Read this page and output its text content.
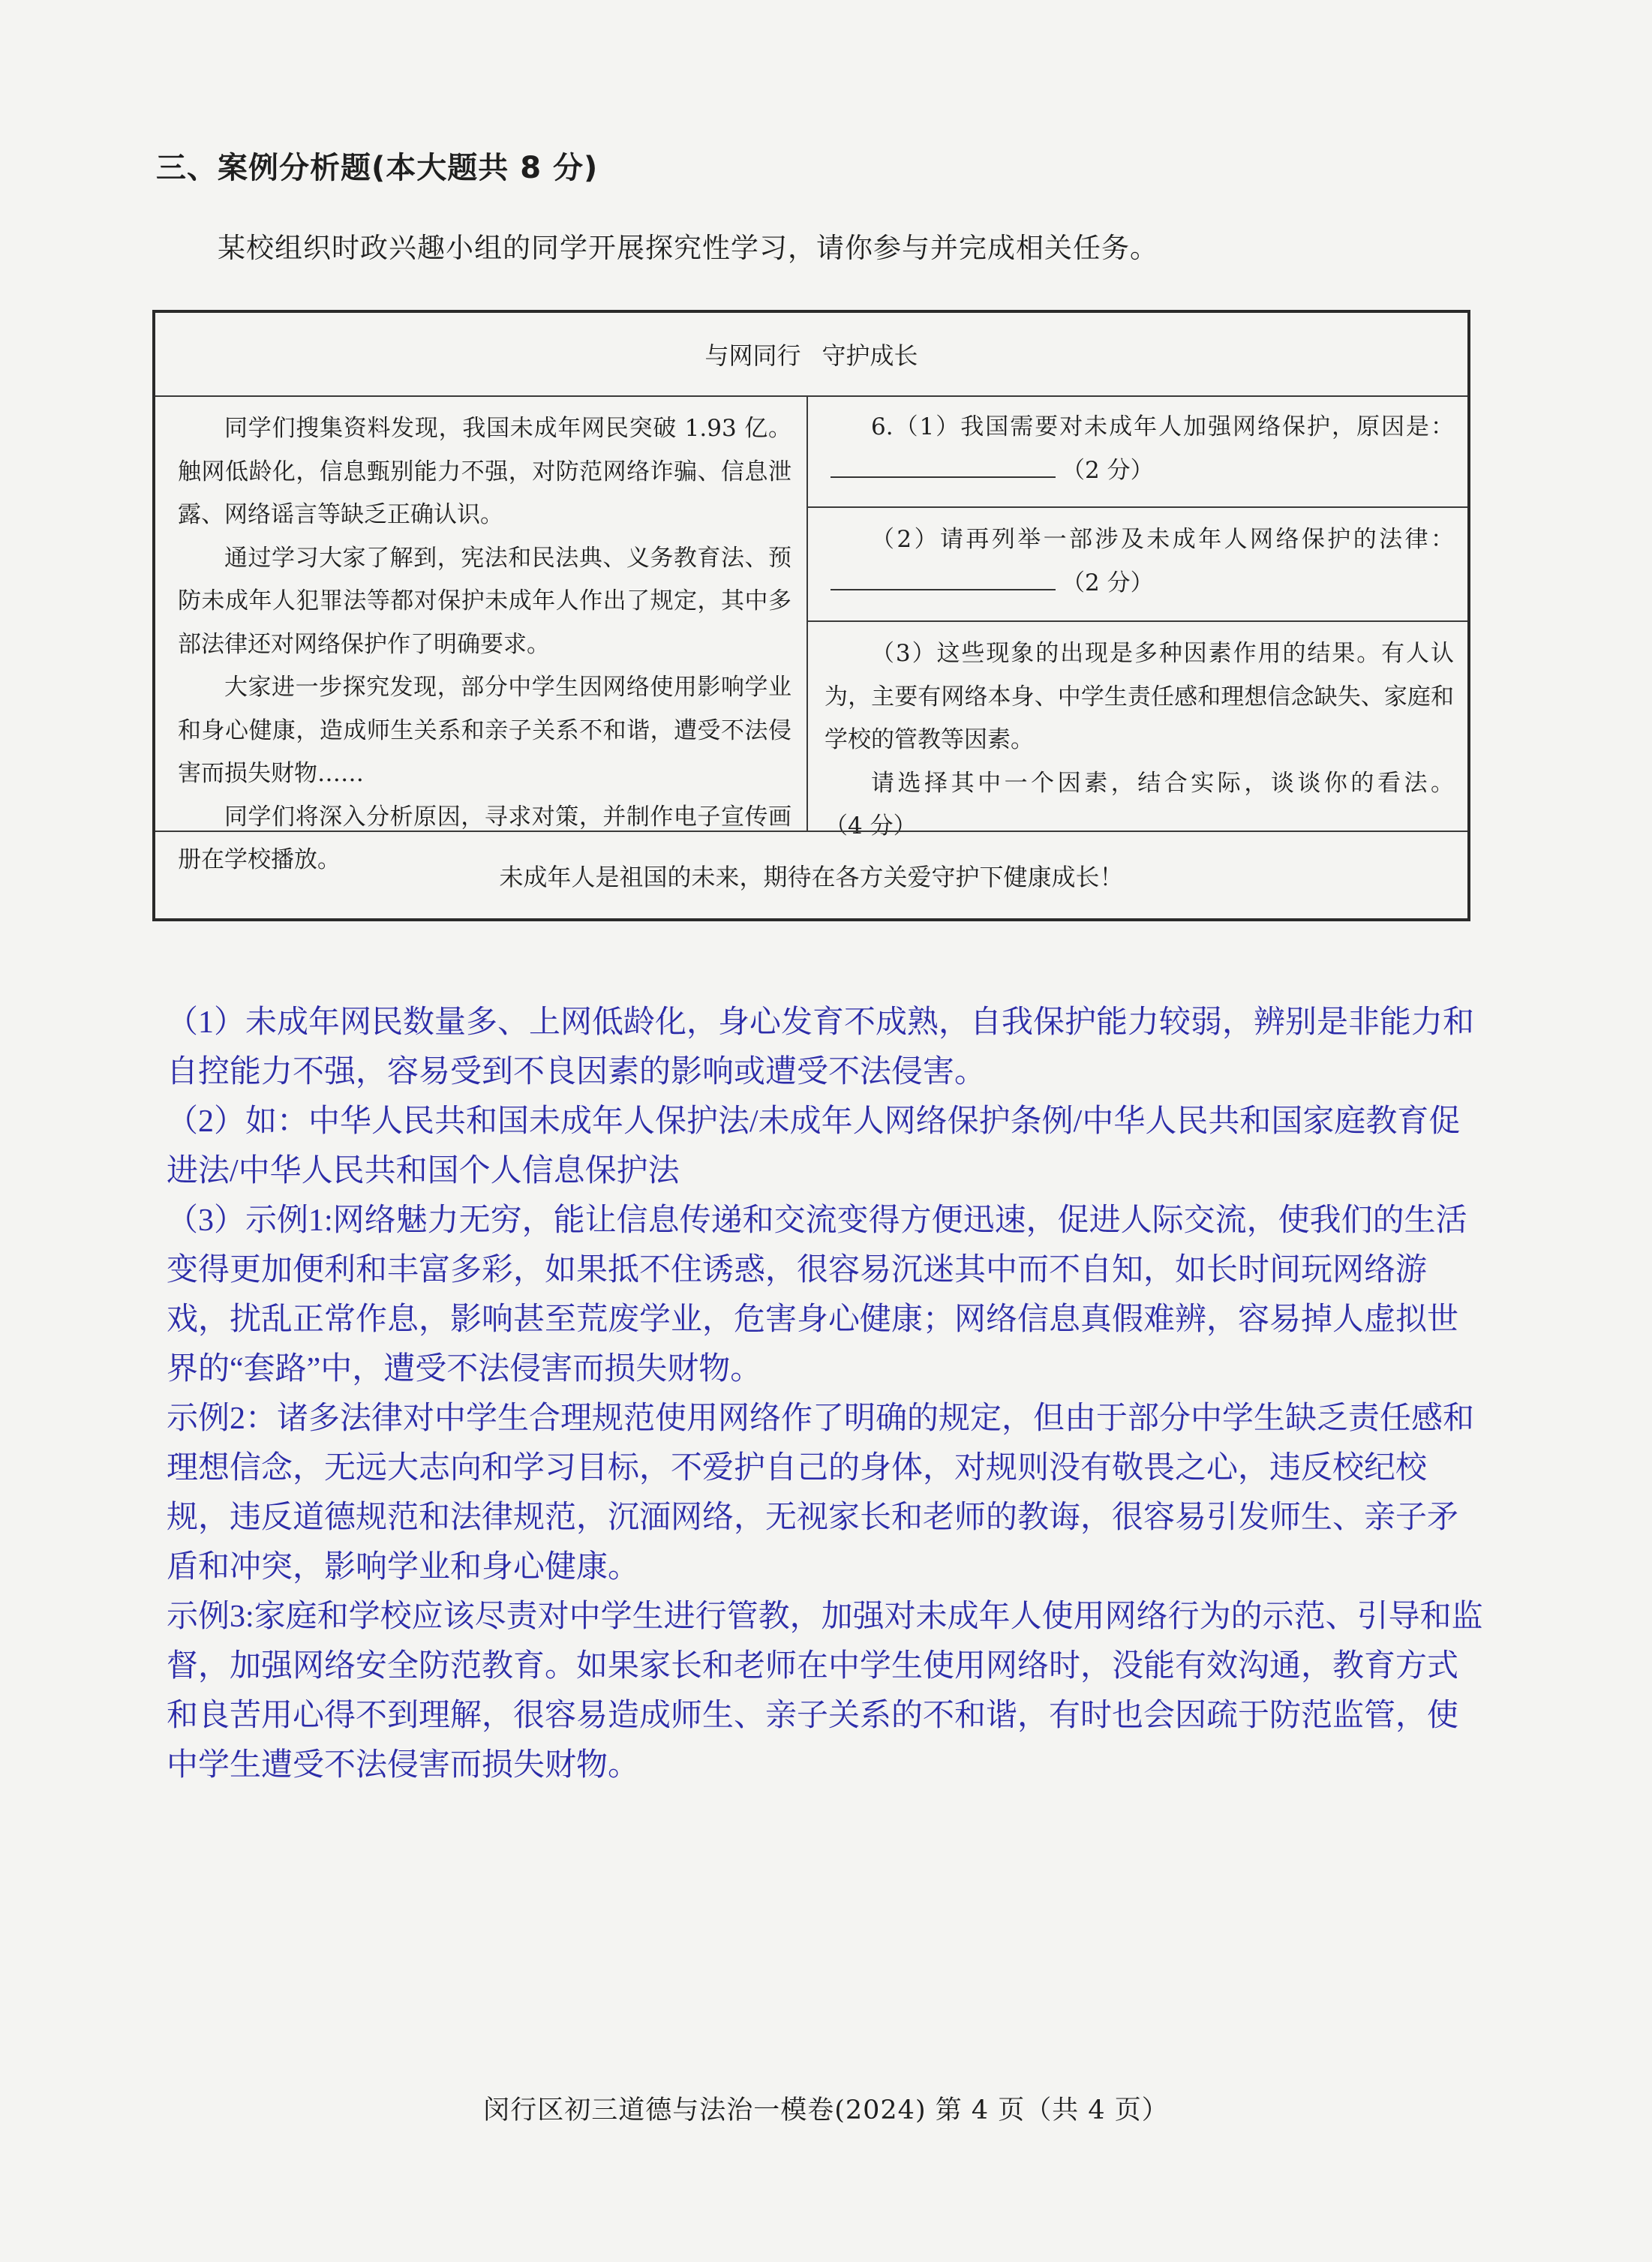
三、案例分析题(本大题共 8 分)
某校组织时政兴趣小组的同学开展探究性学习，请你参与并完成相关任务。
与网同行 守护成长

同学们搜集资料发现，我国未成年网民突破 1.93 亿。触网低龄化，信息甄别能力不强，对防范网络诈骗、信息泄露、网络谣言等缺乏正确认识。

通过学习大家了解到，宪法和民法典、义务教育法、预防未成年人犯罪法等都对保护未成年人作出了规定，其中多部法律还对网络保护作了明确要求。

大家进一步探究发现，部分中学生因网络使用影响学业和身心健康，造成师生关系和亲子关系不和谐，遭受不法侵害而损失财物……

同学们将深入分析原因，寻求对策，并制作电子宣传画册在学校播放。

6.（1）我国需要对未成年人加强网络保护，原因是：（2 分）

（2）请再列举一部涉及未成年人网络保护的法律：（2 分）

（3）这些现象的出现是多种因素作用的结果。有人认为，主要有网络本身、中学生责任感和理想信念缺失、家庭和学校的管教等因素。

请选择其中一个因素，结合实际，谈谈你的看法。（4 分）

未成年人是祖国的未来，期待在各方关爱守护下健康成长！

（1）未成年网民数量多、上网低龄化，身心发育不成熟，自我保护能力较弱，辨别是非能力和自控能力不强，容易受到不良因素的影响或遭受不法侵害。

（2）如：中华人民共和国未成年人保护法/未成年人网络保护条例/中华人民共和国家庭教育促进法/中华人民共和国个人信息保护法

（3）示例1:网络魅力无穷，能让信息传递和交流变得方便迅速，促进人际交流，使我们的生活变得更加便利和丰富多彩，如果抵不住诱惑，很容易沉迷其中而不自知，如长时间玩网络游戏，扰乱正常作息，影响甚至荒废学业，危害身心健康；网络信息真假难辨，容易掉人虚拟世界的“套路”中，遭受不法侵害而损失财物。

示例2：诸多法律对中学生合理规范使用网络作了明确的规定，但由于部分中学生缺乏责任感和理想信念，无远大志向和学习目标，不爱护自己的身体，对规则没有敬畏之心，违反校纪校规，违反道德规范和法律规范，沉湎网络，无视家长和老师的教诲，很容易引发师生、亲子矛盾和冲突，影响学业和身心健康。

示例3:家庭和学校应该尽责对中学生进行管教，加强对未成年人使用网络行为的示范、引导和监督，加强网络安全防范教育。如果家长和老师在中学生使用网络时，没能有效沟通，教育方式和良苦用心得不到理解，很容易造成师生、亲子关系的不和谐，有时也会因疏于防范监管，使中学生遭受不法侵害而损失财物。

闵行区初三道德与法治一模卷(2024) 第 4 页（共 4 页）
